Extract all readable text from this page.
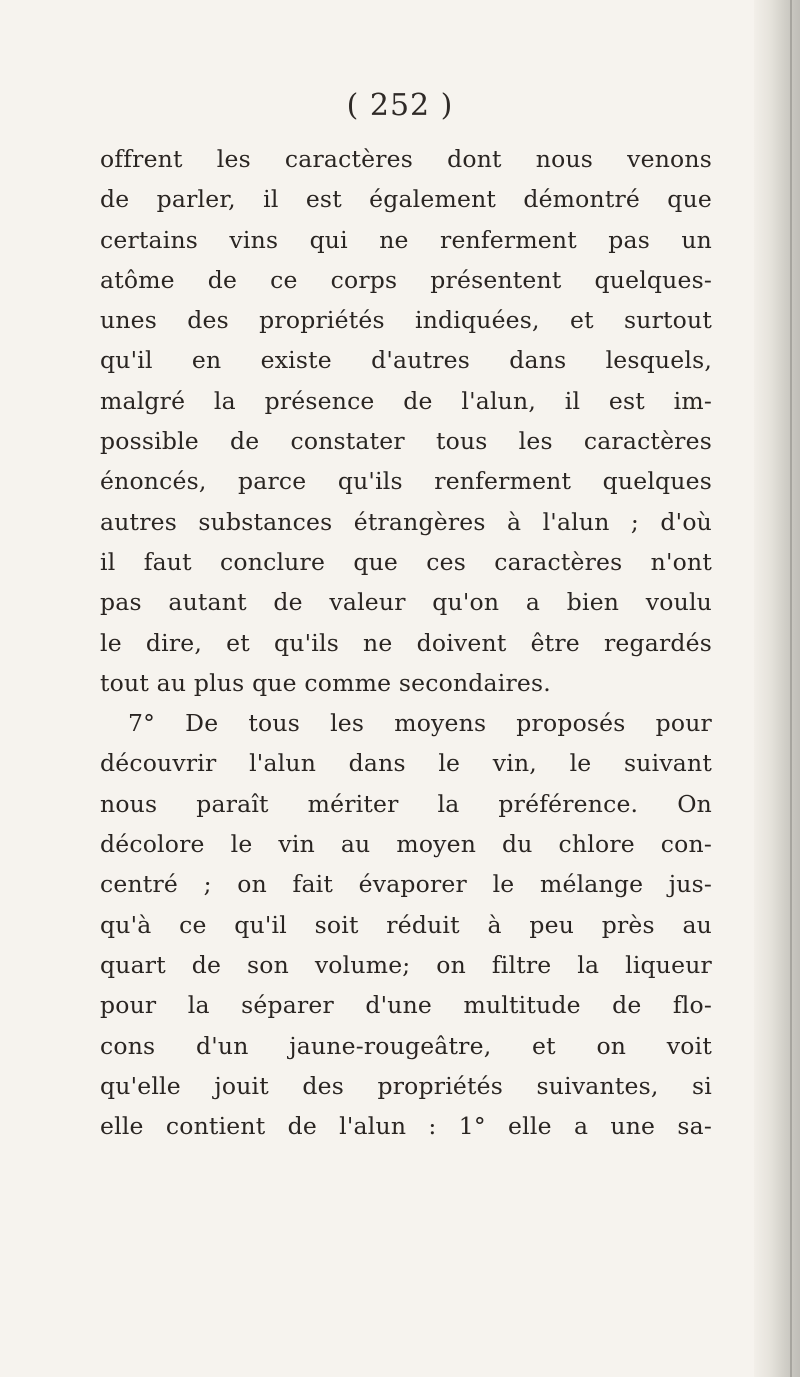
( 252 )
offrent les caractères dont nous venons
de parler, il est également démontré que
certains vins qui ne renferment pas un
atôme de ce corps présentent quelques-
unes des propriétés indiquées, et surtout
qu'il en existe d'autres dans lesquels,
malgré la présence de l'alun, il est im-
possible de constater tous les caractères
énoncés, parce qu'ils renferment quelques
autres substances étrangères à l'alun ; d'où
il faut conclure que ces caractères n'ont
pas autant de valeur qu'on a bien voulu
le dire, et qu'ils ne doivent être regardés
tout au plus que comme secondaires.
7° De tous les moyens proposés pour
découvrir l'alun dans le vin, le suivant
nous paraît mériter la préférence. On
décolore le vin au moyen du chlore con-
centré ; on fait évaporer le mélange jus-
qu'à ce qu'il soit réduit à peu près au
quart de son volume; on filtre la liqueur
pour la séparer d'une multitude de flo-
cons d'un jaune-rougeâtre, et on voit
qu'elle jouit des propriétés suivantes, si
elle contient de l'alun : 1° elle a une sa-
